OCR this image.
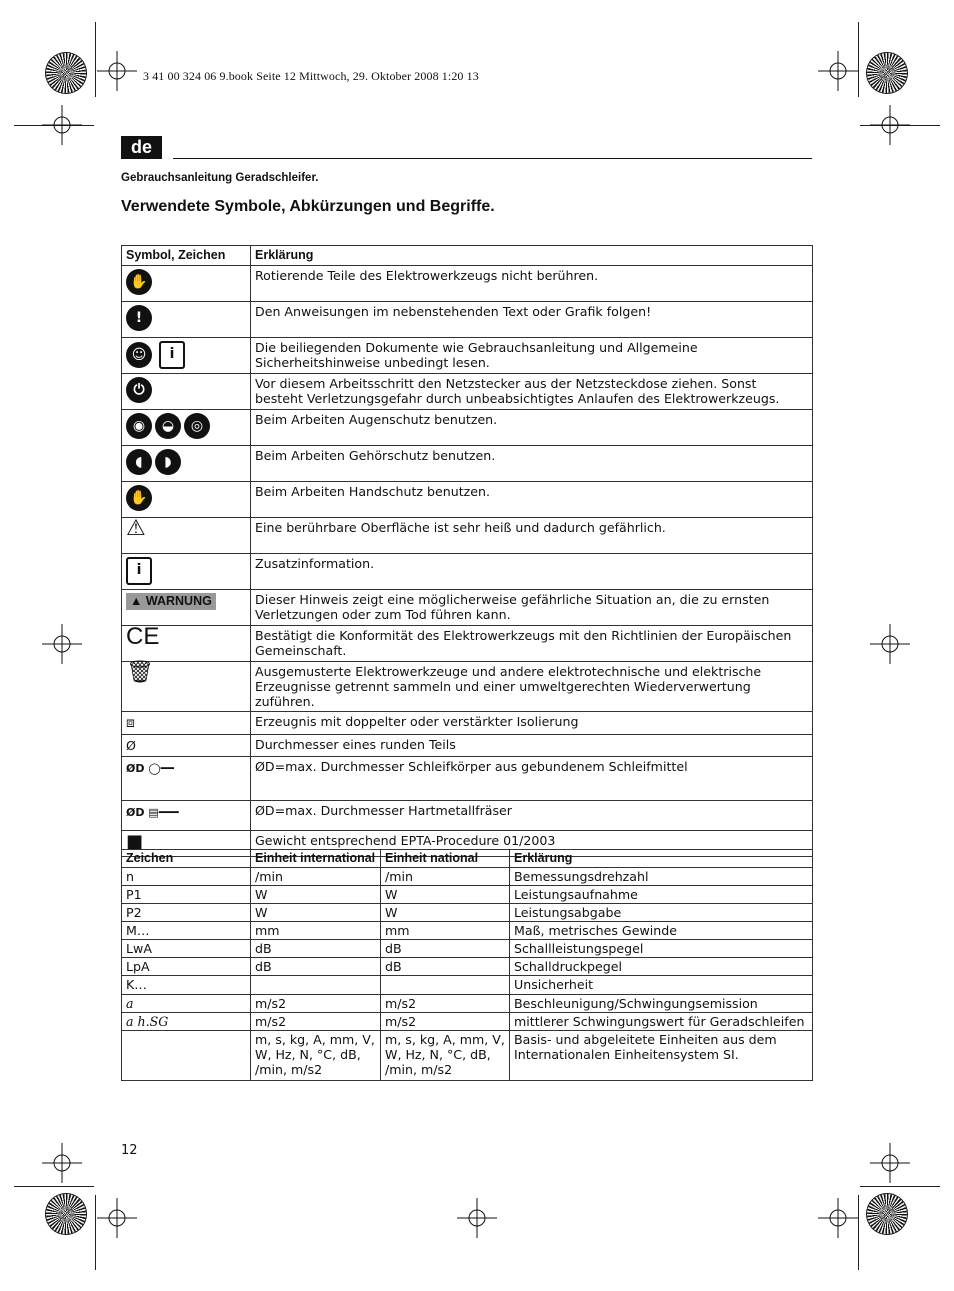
3 41 00 324 06 9.book Seite 12 Mittwoch, 29. Oktober 2008 1:20 13
de
Gebrauchsanleitung Geradschleifer.
Verwendete Symbole, Abkürzungen und Begriffe.
Symbol, Zeichen	Erklärung
✋	Rotierende Teile des Elektrowerkzeugs nicht berühren.
!	Den Anweisungen im nebenstehenden Text oder Grafik folgen!
☺ i	Die beiliegenden Dokumente wie Gebrauchsanleitung und Allgemeine Sicherheitshinweise unbedingt lesen.
⏻	Vor diesem Arbeitsschritt den Netzstecker aus der Netzsteckdose ziehen. Sonst besteht Verletzungsgefahr durch unbeabsichtigtes Anlaufen des Elektrowerkzeugs.
◉ ◒ ◎	Beim Arbeiten Augenschutz benutzen.
◖ ◗	Beim Arbeiten Gehörschutz benutzen.
✋	Beim Arbeiten Handschutz benutzen.
⚠	Eine berührbare Oberfläche ist sehr heiß und dadurch gefährlich.
i	Zusatzinformation.
▲ WARNUNG	Dieser Hinweis zeigt eine möglicherweise gefährliche Situation an, die zu ernsten Verletzungen oder zum Tod führen kann.
CE	Bestätigt die Konformität des Elektrowerkzeugs mit den Richtlinien der Europäischen Gemeinschaft.
🗑	Ausgemusterte Elektrowerkzeuge und andere elektrotechnische und elektrische Erzeugnisse getrennt sammeln und einer umweltgerechten Wiederverwertung zuführen.
⧈	Erzeugnis mit doppelter oder verstärkter Isolierung
Ø	Durchmesser eines runden Teils
ØD ◯━━	ØD=max. Durchmesser Schleifkörper aus gebundenem Schleifmittel
ØD ▤━━━	ØD=max. Durchmesser Hartmetallfräser
■	Gewicht entsprechend EPTA-Procedure 01/2003
Zeichen	Einheit international	Einheit national	Erklärung
n	/min	/min	Bemessungsdrehzahl
P1	W	W	Leistungsaufnahme
P2	W	W	Leistungsabgabe
M…	mm	mm	Maß, metrisches Gewinde
LwA	dB	dB	Schallleistungspegel
LpA	dB	dB	Schalldruckpegel
K…			Unsicherheit
a	m/s2	m/s2	Beschleunigung/Schwingungsemission
a h.SG	m/s2	m/s2	mittlerer Schwingungswert für Geradschleifen
	m, s, kg, A, mm, V, W, Hz, N, °C, dB, /min, m/s2	m, s, kg, A, mm, V, W, Hz, N, °C, dB, /min, m/s2	Basis- und abgeleitete Einheiten aus dem Internationalen Einheitensystem SI.
12
